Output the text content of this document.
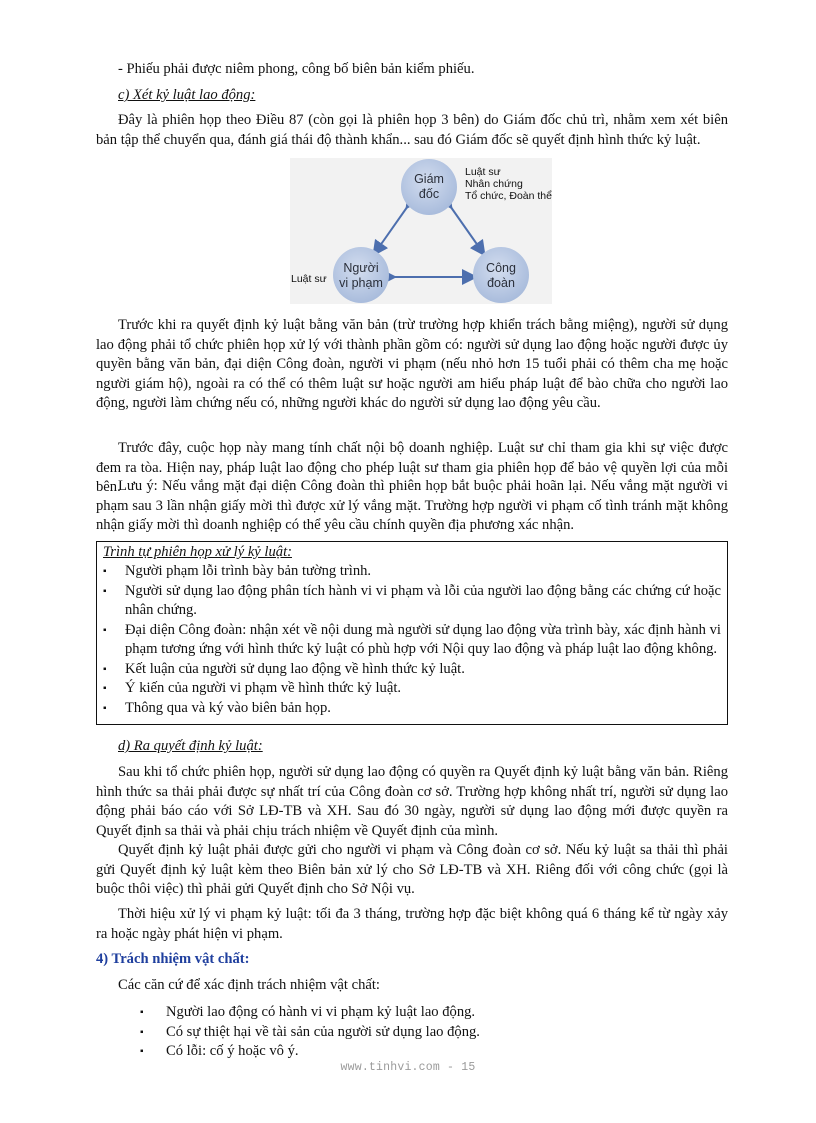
- Phiếu phải được niêm phong, công bố biên bản kiểm phiếu.
c) Xét kỷ luật lao động:

Đây là phiên họp theo Điều 87 (còn gọi là phiên họp 3 bên) do Giám đốc chủ trì, nhằm xem xét biên bản tập thể chuyển qua, đánh giá thái độ thành khẩn... sau đó Giám đốc sẽ quyết định hình thức kỷ luật.

Giám
đốc
Người
vi phạm
Công
đoàn
Luật sư
Nhân chứng
Tổ chức, Đoàn thể
Luật sư

Trước khi ra quyết định kỷ luật bằng văn bản (trừ trường hợp khiển trách bằng miệng), người sử dụng lao động phải tổ chức phiên họp xử lý với thành phần gồm có: người sử dụng lao động hoặc người được ủy quyền bằng văn bản, đại diện Công đoàn, người vi phạm (nếu nhỏ hơn 15 tuổi phải có thêm cha mẹ hoặc người giám hộ), ngoài ra có thể có thêm luật sư hoặc người am hiểu pháp luật để bào chữa cho người lao động, người làm chứng nếu có, những người khác do người sử dụng lao động yêu cầu.

Trước đây, cuộc họp này mang tính chất nội bộ doanh nghiệp. Luật sư chỉ tham gia khi sự việc được đem ra tòa. Hiện nay, pháp luật lao động cho phép luật sư tham gia phiên họp để bảo vệ quyền lợi của mỗi bên.

Lưu ý: Nếu vắng mặt đại diện Công đoàn thì phiên họp bắt buộc phải hoãn lại. Nếu vắng mặt người vi phạm sau 3 lần nhận giấy mời thì được xử lý vắng mặt. Trường hợp người vi phạm cố tình tránh mặt không nhận giấy mời thì doanh nghiệp có thể yêu cầu chính quyền địa phương xác nhận.

Trình tự phiên họp xử lý kỷ luật:
▪ Người phạm lỗi trình bày bản tường trình.
▪ Người sử dụng lao động phân tích hành vi vi phạm và lỗi của người lao động bằng các chứng cứ hoặc nhân chứng.
▪ Đại diện Công đoàn: nhận xét về nội dung mà người sử dụng lao động vừa trình bày, xác định hành vi phạm tương ứng với hình thức kỷ luật có phù hợp với Nội quy lao động và pháp luật lao động không.
▪ Kết luận của người sử dụng lao động về hình thức kỷ luật.
▪ Ý kiến của người vi phạm về hình thức kỷ luật.
▪ Thông qua và ký vào biên bản họp.
d) Ra quyết định kỷ luật:

Sau khi tổ chức phiên họp, người sử dụng lao động có quyền ra Quyết định kỷ luật bằng văn bản. Riêng hình thức sa thải phải được sự nhất trí của Công đoàn cơ sở. Trường hợp không nhất trí, người sử dụng lao động phải báo cáo với Sở LĐ-TB và XH. Sau đó 30 ngày, người sử dụng lao động mới được quyền ra Quyết định sa thải và phải chịu trách nhiệm về Quyết định của mình.

Quyết định kỷ luật phải được gửi cho người vi phạm và Công đoàn cơ sở. Nếu kỷ luật sa thải thì phải gửi Quyết định kỷ luật kèm theo Biên bản xử lý cho Sở LĐ-TB và XH. Riêng đối với công chức (gọi là buộc thôi việc) thì phải gửi Quyết định cho Sở Nội vụ.

Thời hiệu xử lý vi phạm kỷ luật: tối đa 3 tháng, trường hợp đặc biệt không quá 6 tháng kể từ ngày xảy ra hoặc ngày phát hiện vi phạm.

4) Trách nhiệm vật chất:
Các căn cứ để xác định trách nhiệm vật chất:
▪ Người lao động có hành vi vi phạm kỷ luật lao động.
▪ Có sự thiệt hại về tài sản của người sử dụng lao động.
▪ Có lỗi: cố ý hoặc vô ý.
www.tinhvi.com - 15
